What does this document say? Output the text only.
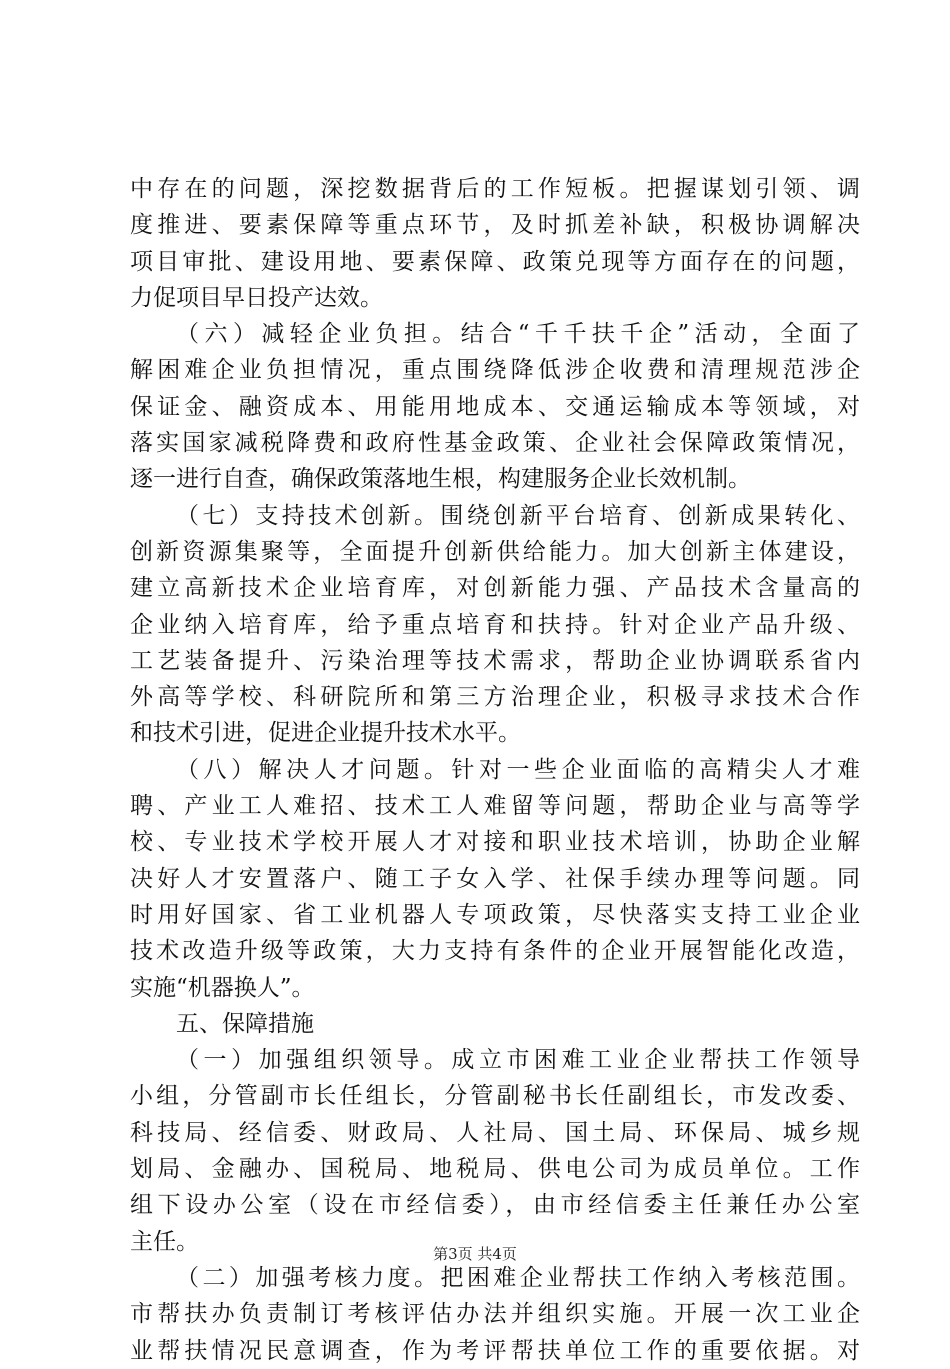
中存在的问题，深挖数据背后的工作短板。把握谋划引领、调
度推进、要素保障等重点环节，及时抓差补缺，积极协调解决
项目审批、建设用地、要素保障、政策兑现等方面存在的问题，
力促项目早日投产达效。
（六）减轻企业负担。结合“千千扶千企”活动，全面了
解困难企业负担情况，重点围绕降低涉企收费和清理规范涉企
保证金、融资成本、用能用地成本、交通运输成本等领域，对
落实国家减税降费和政府性基金政策、企业社会保障政策情况，
逐一进行自查，确保政策落地生根，构建服务企业长效机制。
（七）支持技术创新。围绕创新平台培育、创新成果转化、
创新资源集聚等，全面提升创新供给能力。加大创新主体建设，
建立高新技术企业培育库，对创新能力强、产品技术含量高的
企业纳入培育库，给予重点培育和扶持。针对企业产品升级、
工艺装备提升、污染治理等技术需求，帮助企业协调联系省内
外高等学校、科研院所和第三方治理企业，积极寻求技术合作
和技术引进，促进企业提升技术水平。
（八）解决人才问题。针对一些企业面临的高精尖人才难
聘、产业工人难招、技术工人难留等问题，帮助企业与高等学
校、专业技术学校开展人才对接和职业技术培训，协助企业解
决好人才安置落户、随工子女入学、社保手续办理等问题。同
时用好国家、省工业机器人专项政策，尽快落实支持工业企业
技术改造升级等政策，大力支持有条件的企业开展智能化改造，
实施“机器换人”。
五、保障措施
（一）加强组织领导。成立市困难工业企业帮扶工作领导
小组，分管副市长任组长，分管副秘书长任副组长，市发改委、
科技局、经信委、财政局、人社局、国土局、环保局、城乡规
划局、金融办、国税局、地税局、供电公司为成员单位。工作
组下设办公室（设在市经信委），由市经信委主任兼任办公室
主任。
（二）加强考核力度。把困难企业帮扶工作纳入考核范围。
市帮扶办负责制订考核评估办法并组织实施。开展一次工业企
业帮扶情况民意调查，作为考评帮扶单位工作的重要依据。对
第3页 共4页
